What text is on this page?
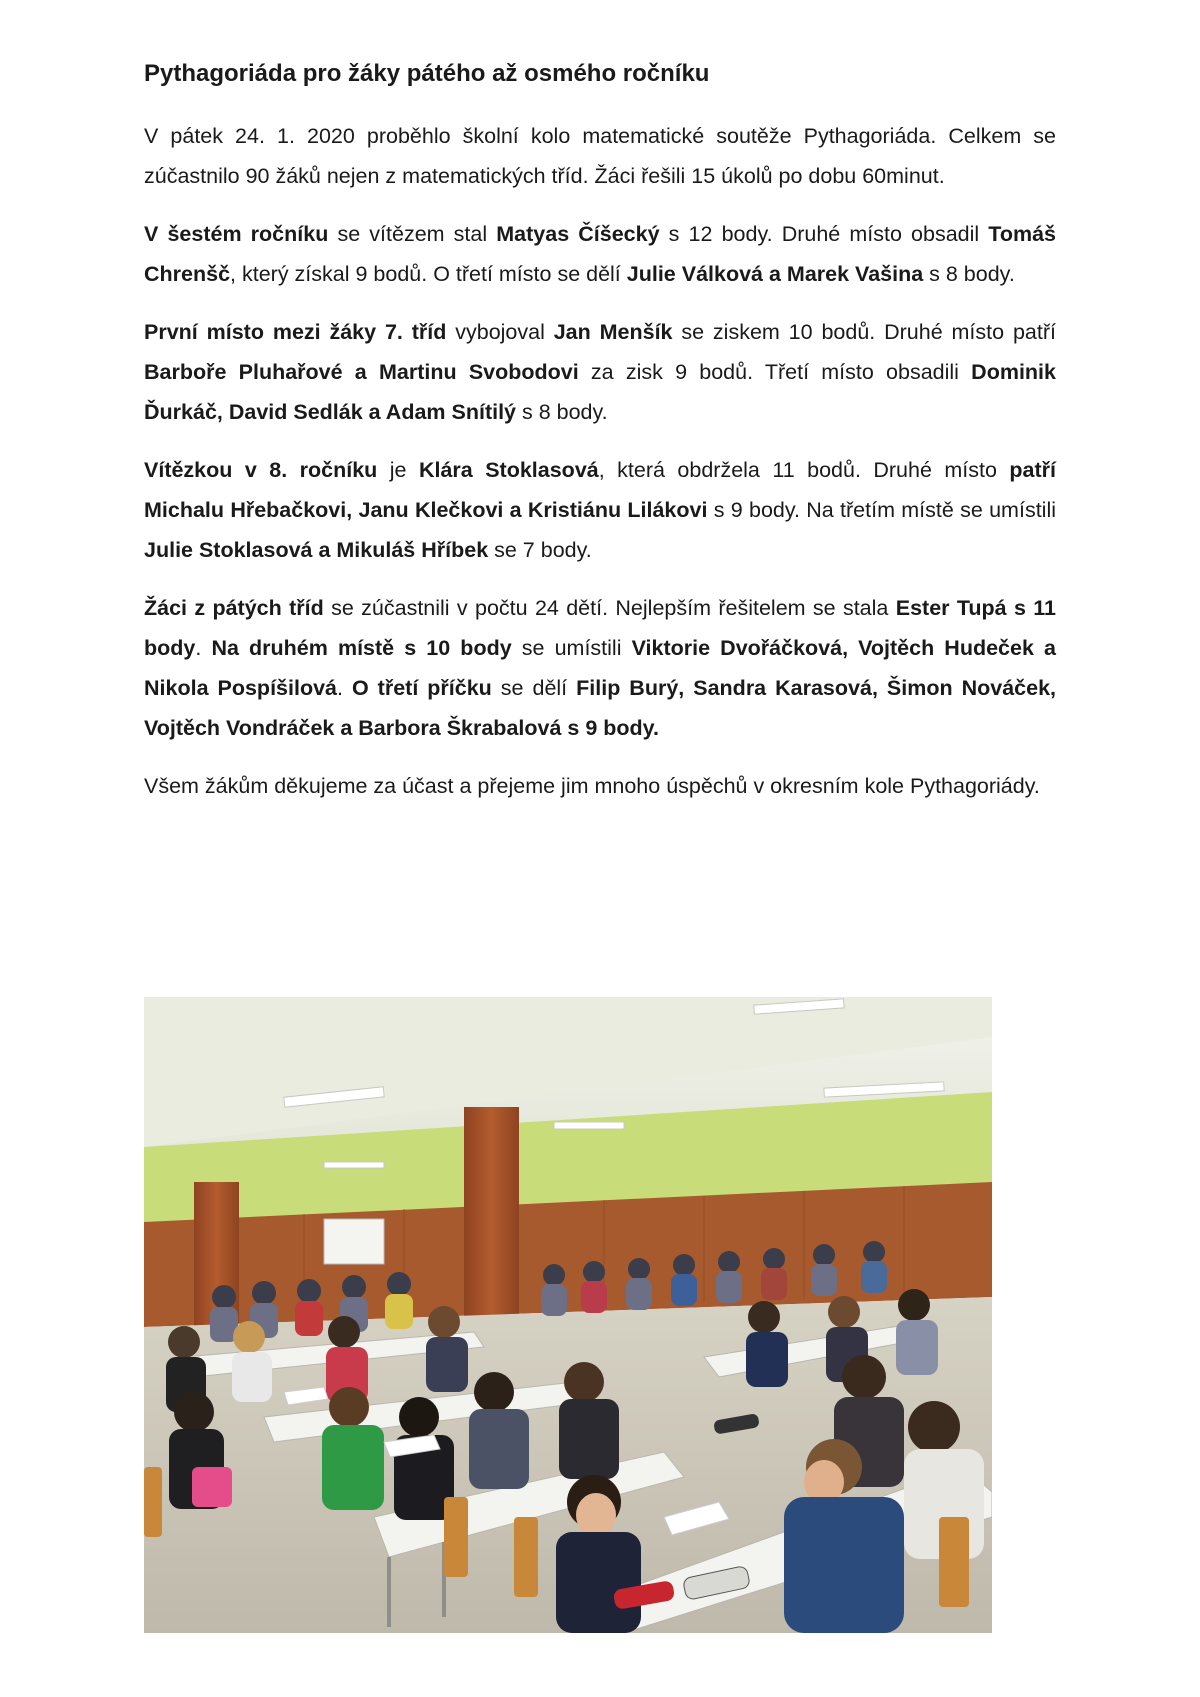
Pythagoriáda pro žáky pátého až osmého ročníku

V pátek 24. 1. 2020 proběhlo školní kolo matematické soutěže Pythagoriáda. Celkem se zúčastnilo 90 žáků nejen z matematických tříd. Žáci řešili 15 úkolů po dobu 60minut.

V šestém ročníku se vítězem stal Matyas Číšecký s 12 body. Druhé místo obsadil Tomáš Chrenšč, který získal 9 bodů. O třetí místo se dělí Julie Válková a Marek Vašina s 8 body.

První místo mezi žáky 7. tříd vybojoval Jan Menšík se ziskem 10 bodů. Druhé místo patří Barboře Pluhařové a Martinu Svobodovi za zisk 9 bodů. Třetí místo obsadili Dominik Ďurkáč, David Sedlák a Adam Snítilý s 8 body.

Vítězkou v 8. ročníku je Klára Stoklasová, která obdržela 11 bodů. Druhé místo patří Michalu Hřebačkovi, Janu Klečkovi a Kristiánu Lilákovi s 9 body. Na třetím místě se umístili Julie Stoklasová a Mikuláš Hříbek se 7 body.

Žáci z pátých tříd se zúčastnili v počtu 24 dětí. Nejlepším řešitelem se stala Ester Tupá s 11 body. Na druhém místě s 10 body se umístili Viktorie Dvořáčková, Vojtěch Hudeček a Nikola Pospíšilová. O třetí příčku se dělí Filip Burý, Sandra Karasová, Šimon Nováček, Vojtěch Vondráček a Barbora Škrabalová s 9 body.

Všem žákům děkujeme za účast a přejeme jim mnoho úspěchů v okresním kole Pythagoriády.
